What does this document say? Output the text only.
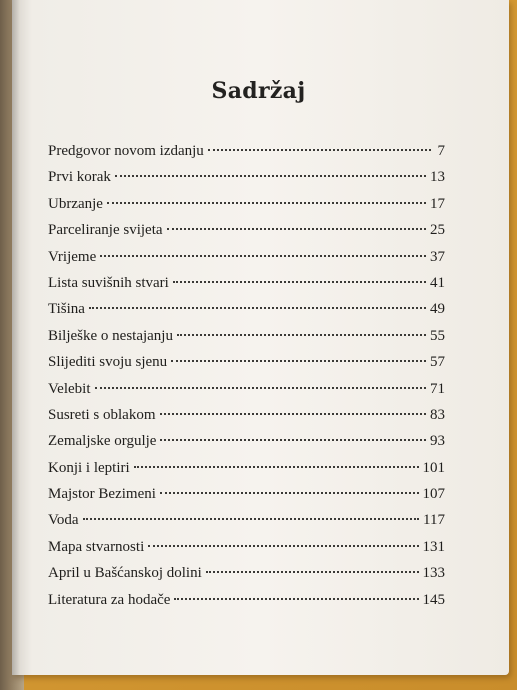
Sadržaj
Predgovor novom izdanju	7
Prvi korak	13
Ubrzanje	17
Parceliranje svijeta	25
Vrijeme	37
Lista suvišnih stvari	41
Tišina	49
Bilješke o nestajanju	55
Slijediti svoju sjenu	57
Velebit	71
Susreti s oblakom	83
Zemaljske orgulje	93
Konji i leptiri	101
Majstor Bezimeni	107
Voda	117
Mapa stvarnosti	131
April u Bašćanskoj dolini	133
Literatura za hodače	145
